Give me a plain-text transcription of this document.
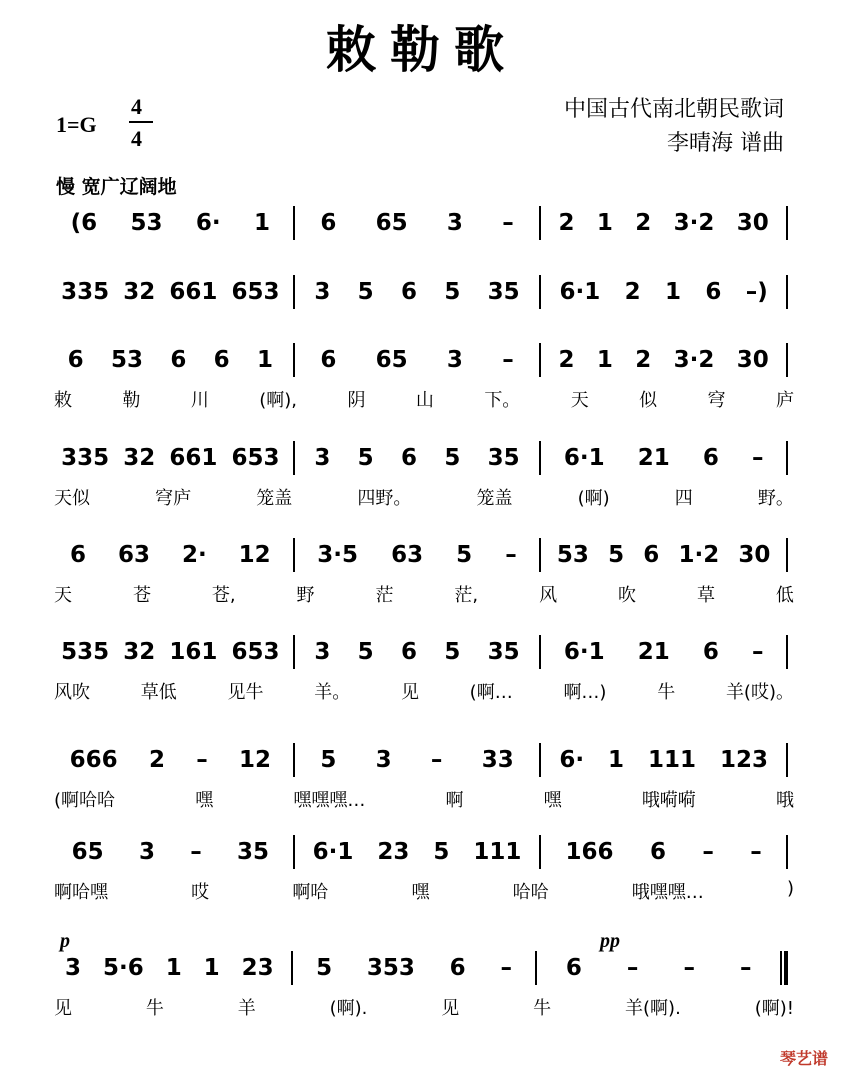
敕勒歌
1=G
4
4
中国古代南北朝民歌词
李晴海 谱曲
慢 宽广辽阔地
(6 53 6· 1 6 65 3 – 2 1 2 3·2 30
335 32 661 653 3 5 6 5 35 6·1 2 1 6 –)
6 53 6 6 1 6 65 3 – 2 1 2 3·2 30
敕	勒	川	(啊),	阴	山	下。	天	似	穹	庐
335 32 661 653 3 5 6 5 35 6·1 21 6 –
天似	穹庐	笼盖	四野。	笼盖	(啊)	四	野。
6 63 2· 12 3·5 63 5 – 53 5 6 1·2 30
天	苍	苍,	野	茫	茫,	风	吹	草	低
535 32 161 653 3 5 6 5 35 6·1 21 6 –
风吹	草低	见牛	羊。	见	(啊…	啊…)	牛	羊(哎)。
666 2 – 12 5 3 – 33 6· 1 111 123
(啊哈哈	嘿	嘿嘿嘿…	啊	嘿	哦嗬嗬	哦
65 3 – 35 6·1 23 5 111 166 6 – –
啊哈嘿	哎	啊哈	嘿	哈哈	哦嘿嘿…	)
p	pp
3 5·6 1 1 23 5 353 6 – 6 – – –
见	牛	羊	(啊).	见	牛	羊(啊).	(啊)!
琴艺谱
